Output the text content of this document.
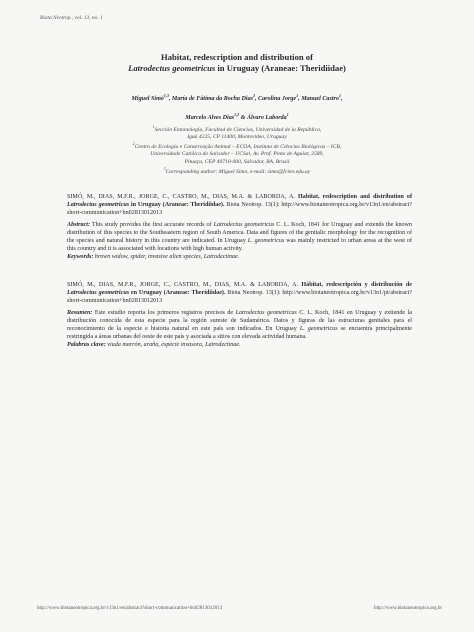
Biota Neotrop., vol. 13, no. 1
Habitat, redescription and distribution of
Latrodectus geometricus in Uruguay (Araneae: Theridiidae)
Miguel Simó$^{1,3}$, María de Fátima da Rocha Dias$^2$, Carolina Jorge$^1$, Manuel Castro$^1$,
Marcelo Alves Dias$^{1,2}$ & Álvaro Laborda$^1$
$^1$Sección Entomología, Facultad de Ciencias, Universidad de la República,
Iguá 4225, CP 11400, Montevideo, Uruguay
$^2$Centro de Ecologia e Conservação Animal – ECOA, Instituto de Ciências Biológicas – ICB,
Universidade Católica do Salvador – UCSal, Av. Prof. Pinto de Aguiar, 2589,
Pituaçu, CEP 40710-000, Salvador, BA, Brasil
$^3$Corresponding author: Miguel Simó, e-mail: simo@fcien.edu.uy
SIMÓ, M., DIAS, M.F.R., JORGE, C., CASTRO, M., DIAS, M.A. & LABORDA, A. Habitat, redescription and distribution of Latrodectus geometricus in Uruguay (Araneae: Theridiidae). Biota Neotrop. 13(1): http://www.biotaneotropica.org.br/v13n1/en/abstract?short-communication+bn02813012013
Abstract: This study provides the first accurate records of Latrodectus geometricus C. L. Koch, 1841 for Uruguay and extends the known distribution of this species to the Southeastern region of South America. Data and figures of the genitalic morphology for the recognition of the species and natural history in this country are indicated. In Uruguay L. geometricus was mainly restricted to urban areas at the west of this country and it is associated with locations with high human activity.
Keywords: brown widow, spider, invasive alien species, Latrodectinae.
SIMÓ, M., DIAS, M.F.R., JORGE, C., CASTRO, M., DIAS, M.A. & LABORDA, A. Hábitat, redescripción y distribución de Latrodectus geometricus en Uruguay (Araneae: Theridiidae). Biota Neotrop. 13(1): http://www.biotaneotropica.org.br/v13n1/pt/abstract?short-communication+bn02813012013
Resumen: Este estudio reporta los primeros registros precisos de Latrodectus geometricus C. L. Koch, 1841 en Uruguay y extiende la distribución conocida de esta especie para la región sureste de Sudamérica. Datos y figuras de las estructuras genitales para el reconocimiento de la especie e historia natural en este país son indicados. En Uruguay L. geometricus se encuentra principalmente restringida a áreas urbanas del oeste de este país y asociada a sitios con elevada actividad humana.
Palabras clave: viuda marrón, araña, especie invasora, Latrodectinae.
http://www.biotaneotropica.org.br/v13n1/en/abstract?short-communication+bn02813012013	http://www.biotaneotropica.org.br
